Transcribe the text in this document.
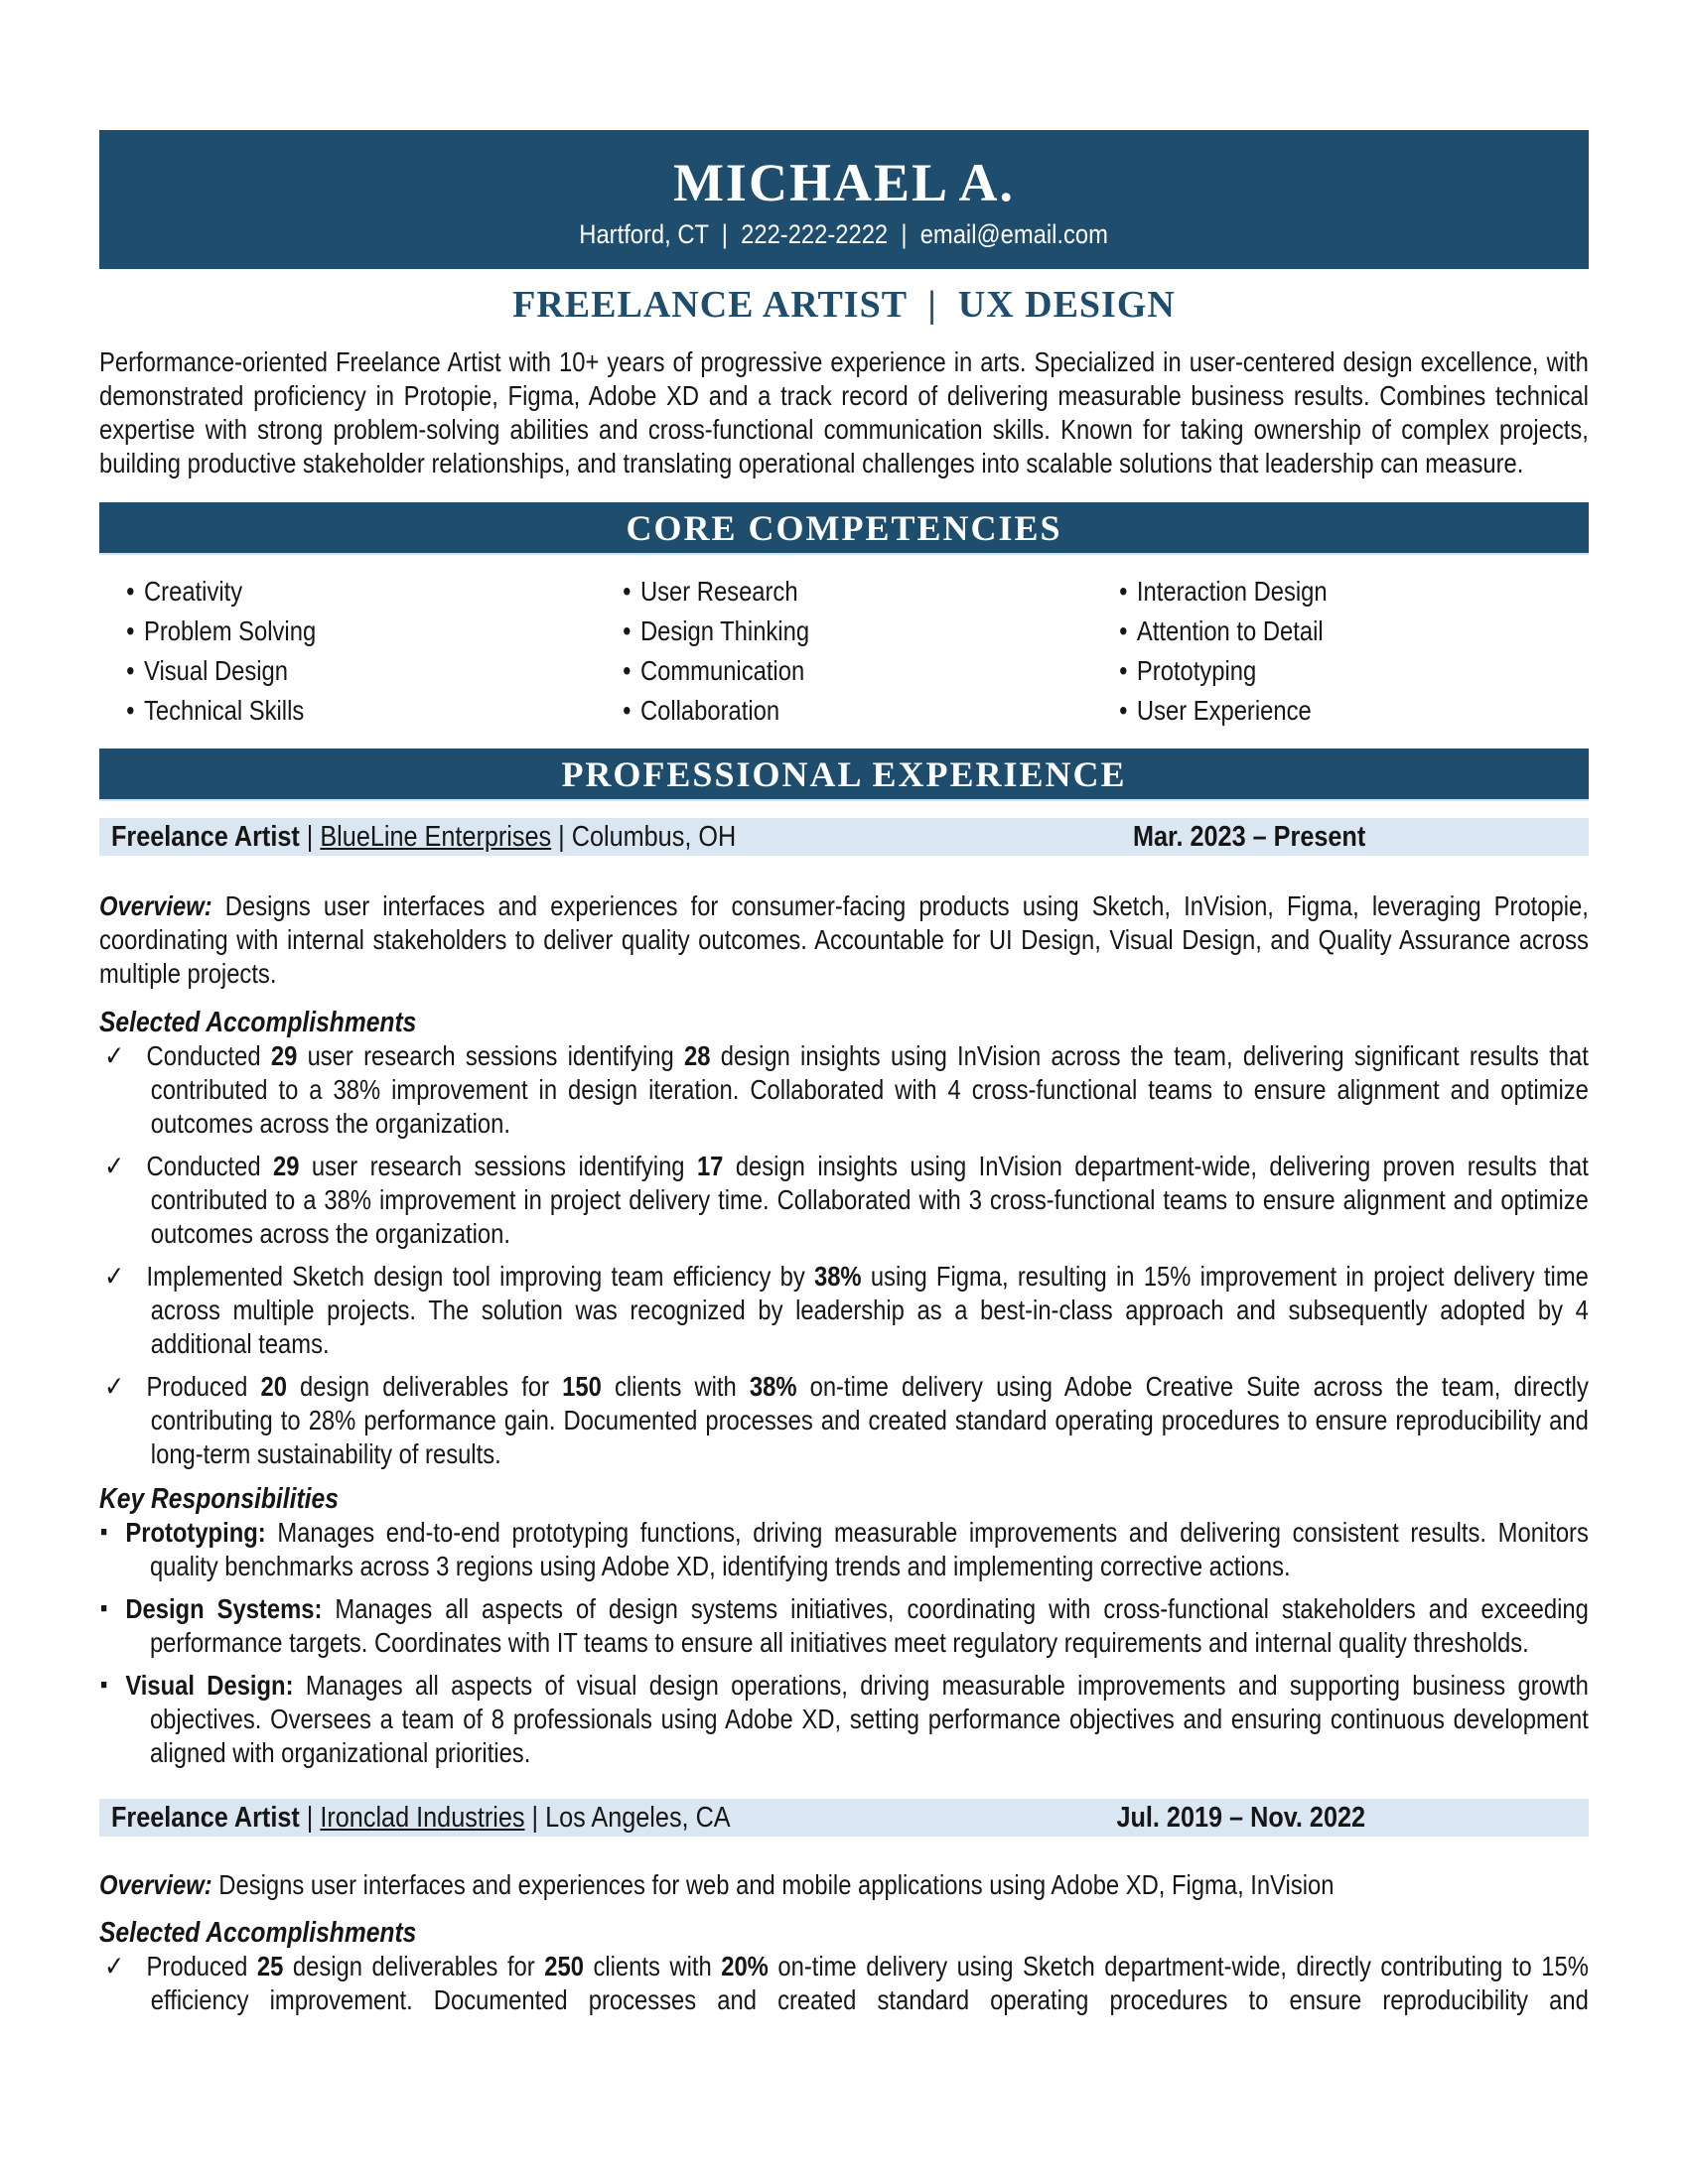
MICHAEL A.
Hartford, CT  |  222-222-2222  |  email@email.com
FREELANCE ARTIST  |  UX DESIGN

Performance-oriented Freelance Artist with 10+ years of progressive experience in arts. Specialized in user-centered design excellence, with demonstrated proficiency in Protopie, Figma, Adobe XD and a track record of delivering measurable business results. Combines technical expertise with strong problem-solving abilities and cross-functional communication skills. Known for taking ownership of complex projects, building productive stakeholder relationships, and translating operational challenges into scalable solutions that leadership can measure.

CORE COMPETENCIES
• Creativity	• User Research	• Interaction Design
• Problem Solving	• Design Thinking	• Attention to Detail
• Visual Design	• Communication	• Prototyping
• Technical Skills	• Collaboration	• User Experience
PROFESSIONAL EXPERIENCE
Freelance Artist | BlueLine Enterprises | Columbus, OH	Mar. 2023 – Present

Overview: Designs user interfaces and experiences for consumer-facing products using Sketch, InVision, Figma, leveraging Protopie, coordinating with internal stakeholders to deliver quality outcomes. Accountable for UI Design, Visual Design, and Quality Assurance across multiple projects.

Selected Accomplishments
✓ Conducted 29 user research sessions identifying 28 design insights using InVision across the team, delivering significant results that contributed to a 38% improvement in design iteration. Collaborated with 4 cross-functional teams to ensure alignment and optimize outcomes across the organization.
✓ Conducted 29 user research sessions identifying 17 design insights using InVision department-wide, delivering proven results that contributed to a 38% improvement in project delivery time. Collaborated with 3 cross-functional teams to ensure alignment and optimize outcomes across the organization.
✓ Implemented Sketch design tool improving team efficiency by 38% using Figma, resulting in 15% improvement in project delivery time across multiple projects. The solution was recognized by leadership as a best-in-class approach and subsequently adopted by 4 additional teams.
✓ Produced 20 design deliverables for 150 clients with 38% on-time delivery using Adobe Creative Suite across the team, directly contributing to 28% performance gain. Documented processes and created standard operating procedures to ensure reproducibility and long-term sustainability of results.
Key Responsibilities
▪ Prototyping: Manages end-to-end prototyping functions, driving measurable improvements and delivering consistent results. Monitors quality benchmarks across 3 regions using Adobe XD, identifying trends and implementing corrective actions.
▪ Design Systems: Manages all aspects of design systems initiatives, coordinating with cross-functional stakeholders and exceeding performance targets. Coordinates with IT teams to ensure all initiatives meet regulatory requirements and internal quality thresholds.
▪ Visual Design: Manages all aspects of visual design operations, driving measurable improvements and supporting business growth objectives. Oversees a team of 8 professionals using Adobe XD, setting performance objectives and ensuring continuous development aligned with organizational priorities.
Freelance Artist | Ironclad Industries | Los Angeles, CA	Jul. 2019 – Nov. 2022

Overview: Designs user interfaces and experiences for web and mobile applications using Adobe XD, Figma, InVision

Selected Accomplishments
✓ Produced 25 design deliverables for 250 clients with 20% on-time delivery using Sketch department-wide, directly contributing to 15% efficiency improvement. Documented processes and created standard operating procedures to ensure reproducibility and
